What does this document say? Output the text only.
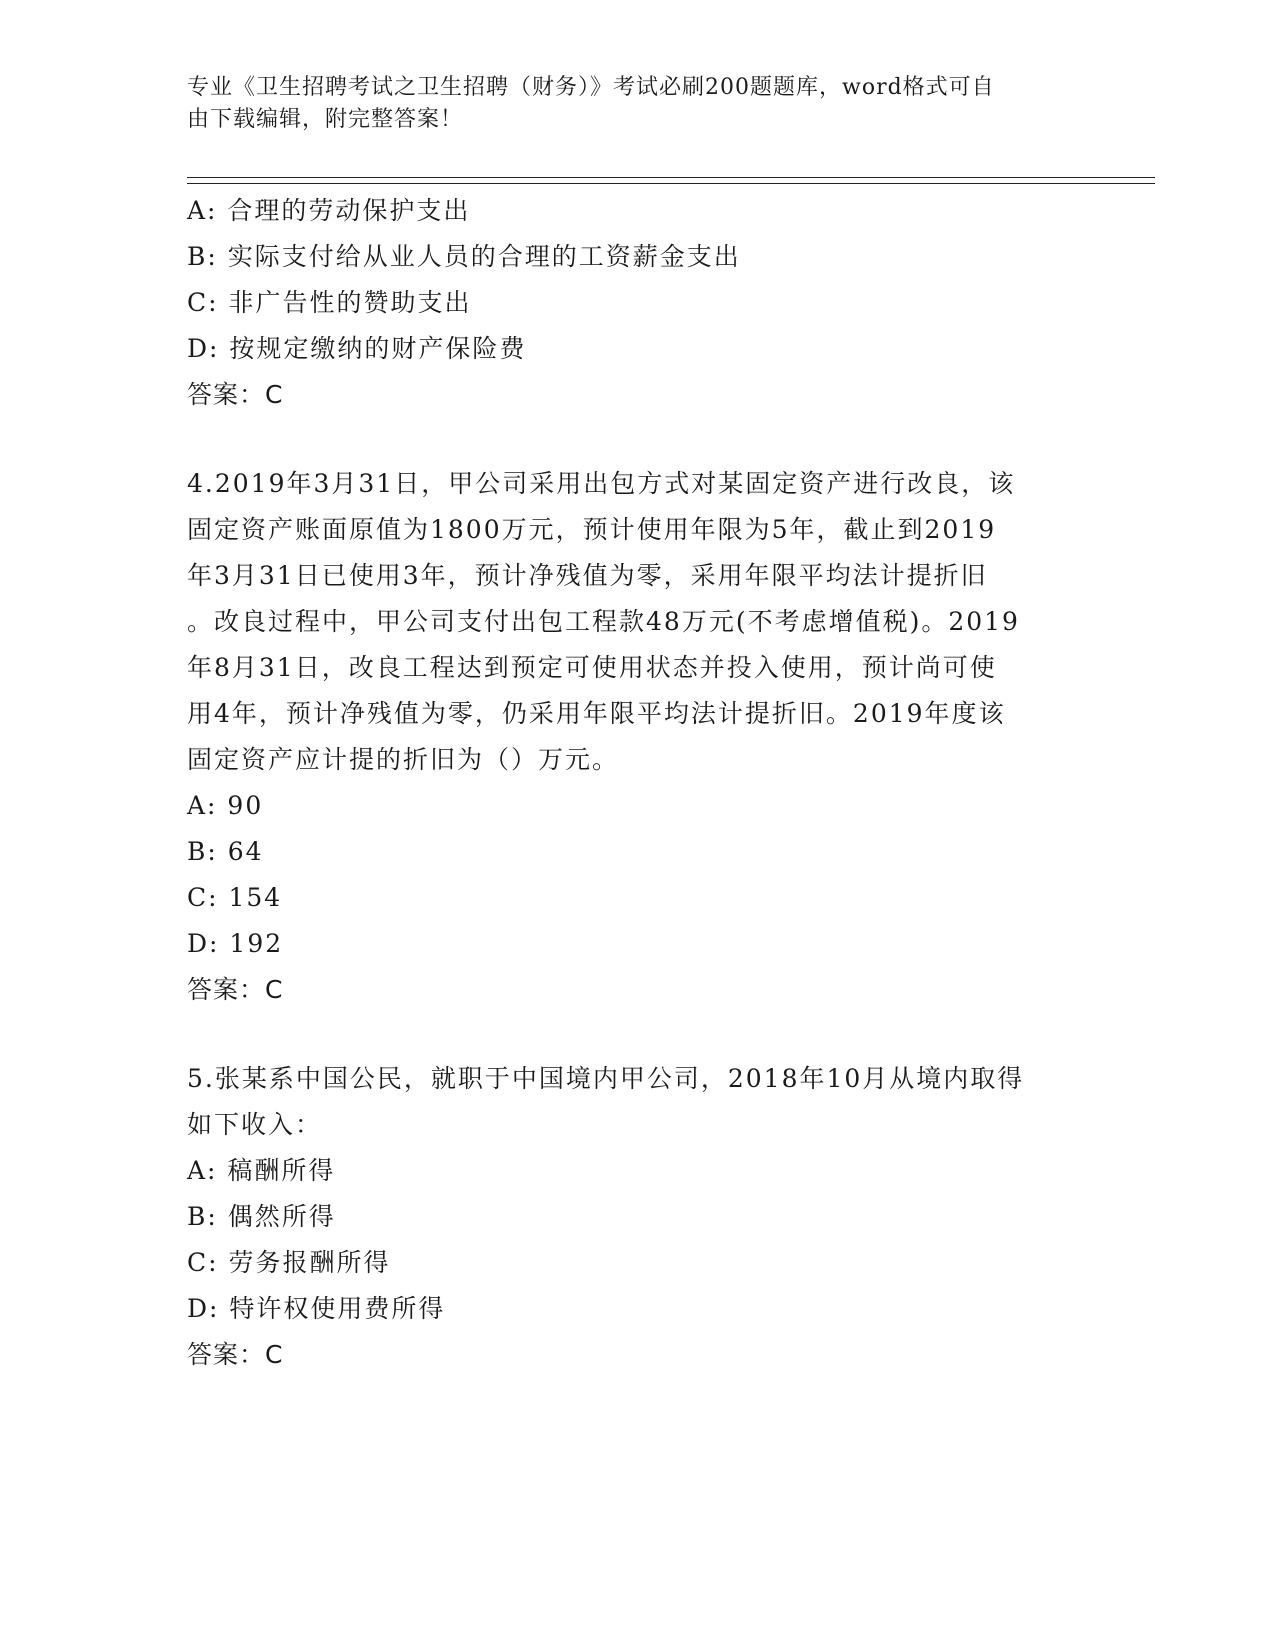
专业《卫生招聘考试之卫生招聘（财务）》考试必刷200题题库，word格式可自
由下载编辑，附完整答案！
A: 合理的劳动保护支出
B: 实际支付给从业人员的合理的工资薪金支出
C: 非广告性的赞助支出
D: 按规定缴纳的财产保险费
答案：C
4.2019年3月31日，甲公司采用出包方式对某固定资产进行改良，该
固定资产账面原值为1800万元，预计使用年限为5年，截止到2019
年3月31日已使用3年，预计净残值为零，采用年限平均法计提折旧
。改良过程中，甲公司支付出包工程款48万元(不考虑增值税)。2019
年8月31日，改良工程达到预定可使用状态并投入使用，预计尚可使
用4年，预计净残值为零，仍采用年限平均法计提折旧。2019年度该
固定资产应计提的折旧为（）万元。
A: 90
B: 64
C: 154
D: 192
答案：C
5.张某系中国公民，就职于中国境内甲公司，2018年10月从境内取得
如下收入：
A: 稿酬所得
B: 偶然所得
C: 劳务报酬所得
D: 特许权使用费所得
答案：C
